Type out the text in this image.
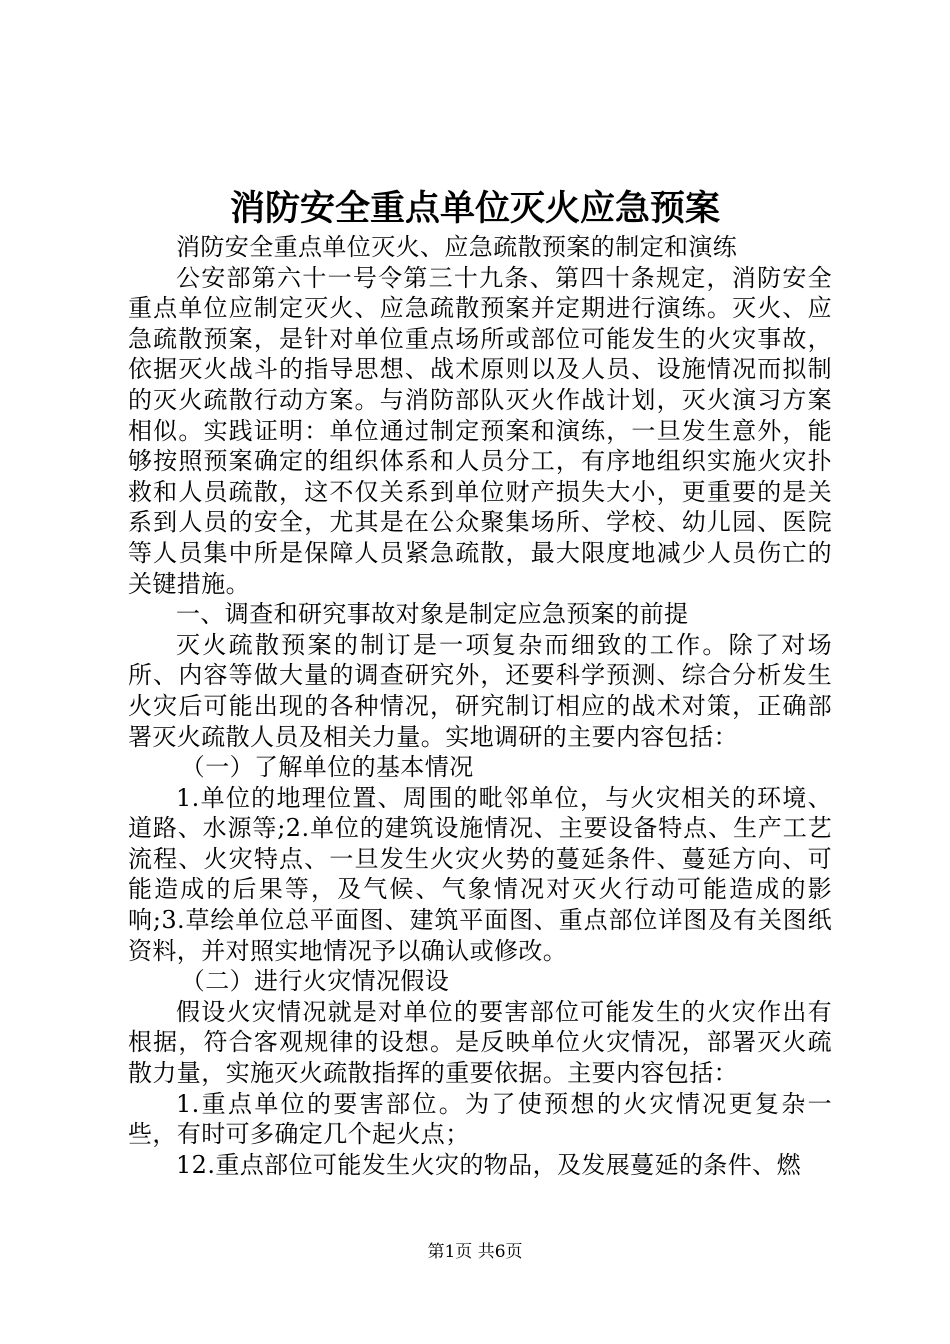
消防安全重点单位灭火应急预案

消防安全重点单位灭火、应急疏散预案的制定和演练

公安部第六十一号令第三十九条、第四十条规定，消防安全重点单位应制定灭火、应急疏散预案并定期进行演练。灭火、应急疏散预案，是针对单位重点场所或部位可能发生的火灾事故，依据灭火战斗的指导思想、战术原则以及人员、设施情况而拟制的灭火疏散行动方案。与消防部队灭火作战计划，灭火演习方案相似。实践证明：单位通过制定预案和演练，一旦发生意外，能够按照预案确定的组织体系和人员分工，有序地组织实施火灾扑救和人员疏散，这不仅关系到单位财产损失大小，更重要的是关系到人员的安全，尤其是在公众聚集场所、学校、幼儿园、医院等人员集中所是保障人员紧急疏散，最大限度地减少人员伤亡的关键措施。

一、调查和研究事故对象是制定应急预案的前提

灭火疏散预案的制订是一项复杂而细致的工作。除了对场所、内容等做大量的调查研究外，还要科学预测、综合分析发生火灾后可能出现的各种情况，研究制订相应的战术对策，正确部署灭火疏散人员及相关力量。实地调研的主要内容包括：

（一）了解单位的基本情况

1.单位的地理位置、周围的毗邻单位，与火灾相关的环境、道路、水源等;2.单位的建筑设施情况、主要设备特点、生产工艺流程、火灾特点、一旦发生火灾火势的蔓延条件、蔓延方向、可能造成的后果等，及气候、气象情况对灭火行动可能造成的影响;3.草绘单位总平面图、建筑平面图、重点部位详图及有关图纸资料，并对照实地情况予以确认或修改。

（二）进行火灾情况假设

假设火灾情况就是对单位的要害部位可能发生的火灾作出有根据，符合客观规律的设想。是反映单位火灾情况，部署灭火疏散力量，实施灭火疏散指挥的重要依据。主要内容包括：

1.重点单位的要害部位。为了使预想的火灾情况更复杂一些，有时可多确定几个起火点；

12.重点部位可能发生火灾的物品，及发展蔓延的条件、燃

第1页 共6页
